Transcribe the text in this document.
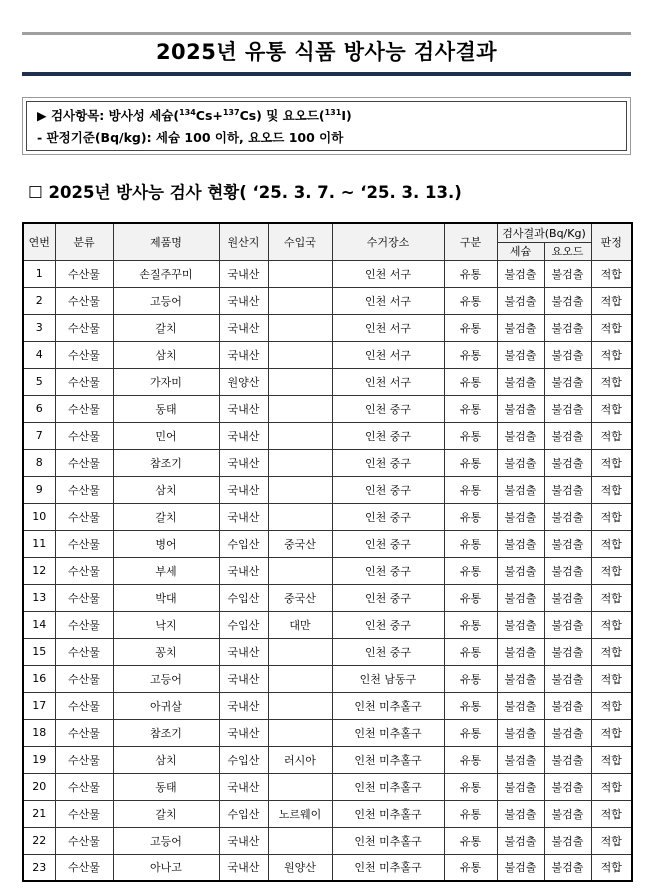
2025년 유통 식품 방사능 검사결과
▶ 검사항목: 방사성 세슘($^{134}$Cs+$^{137}$Cs) 및 요오드($^{131}$I)
- 판정기준(Bq/kg): 세슘 100 이하, 요오드 100 이하
☐ 2025년 방사능 검사 현황( ‘25. 3. 7. ~ ‘25. 3. 13.)
연번	분류	제품명	원산지	수입국	수거장소	구분	검사결과(Bq/Kg)		판정
							세슘	요오드	
1	수산물	손질주꾸미	국내산		인천 서구	유통	불검출	불검출	적합
2	수산물	고등어	국내산		인천 서구	유통	불검출	불검출	적합
3	수산물	갈치	국내산		인천 서구	유통	불검출	불검출	적합
4	수산물	삼치	국내산		인천 서구	유통	불검출	불검출	적합
5	수산물	가자미	원양산		인천 서구	유통	불검출	불검출	적합
6	수산물	동태	국내산		인천 중구	유통	불검출	불검출	적합
7	수산물	민어	국내산		인천 중구	유통	불검출	불검출	적합
8	수산물	참조기	국내산		인천 중구	유통	불검출	불검출	적합
9	수산물	삼치	국내산		인천 중구	유통	불검출	불검출	적합
10	수산물	갈치	국내산		인천 중구	유통	불검출	불검출	적합
11	수산물	병어	수입산	중국산	인천 중구	유통	불검출	불검출	적합
12	수산물	부세	국내산		인천 중구	유통	불검출	불검출	적합
13	수산물	박대	수입산	중국산	인천 중구	유통	불검출	불검출	적합
14	수산물	낙지	수입산	대만	인천 중구	유통	불검출	불검출	적합
15	수산물	꽁치	국내산		인천 중구	유통	불검출	불검출	적합
16	수산물	고등어	국내산		인천 남동구	유통	불검출	불검출	적합
17	수산물	아귀살	국내산		인천 미추홀구	유통	불검출	불검출	적합
18	수산물	참조기	국내산		인천 미추홀구	유통	불검출	불검출	적합
19	수산물	삼치	수입산	러시아	인천 미추홀구	유통	불검출	불검출	적합
20	수산물	동태	국내산		인천 미추홀구	유통	불검출	불검출	적합
21	수산물	갈치	수입산	노르웨이	인천 미추홀구	유통	불검출	불검출	적합
22	수산물	고등어	국내산		인천 미추홀구	유통	불검출	불검출	적합
23	수산물	아나고	국내산	원양산	인천 미추홀구	유통	불검출	불검출	적합
